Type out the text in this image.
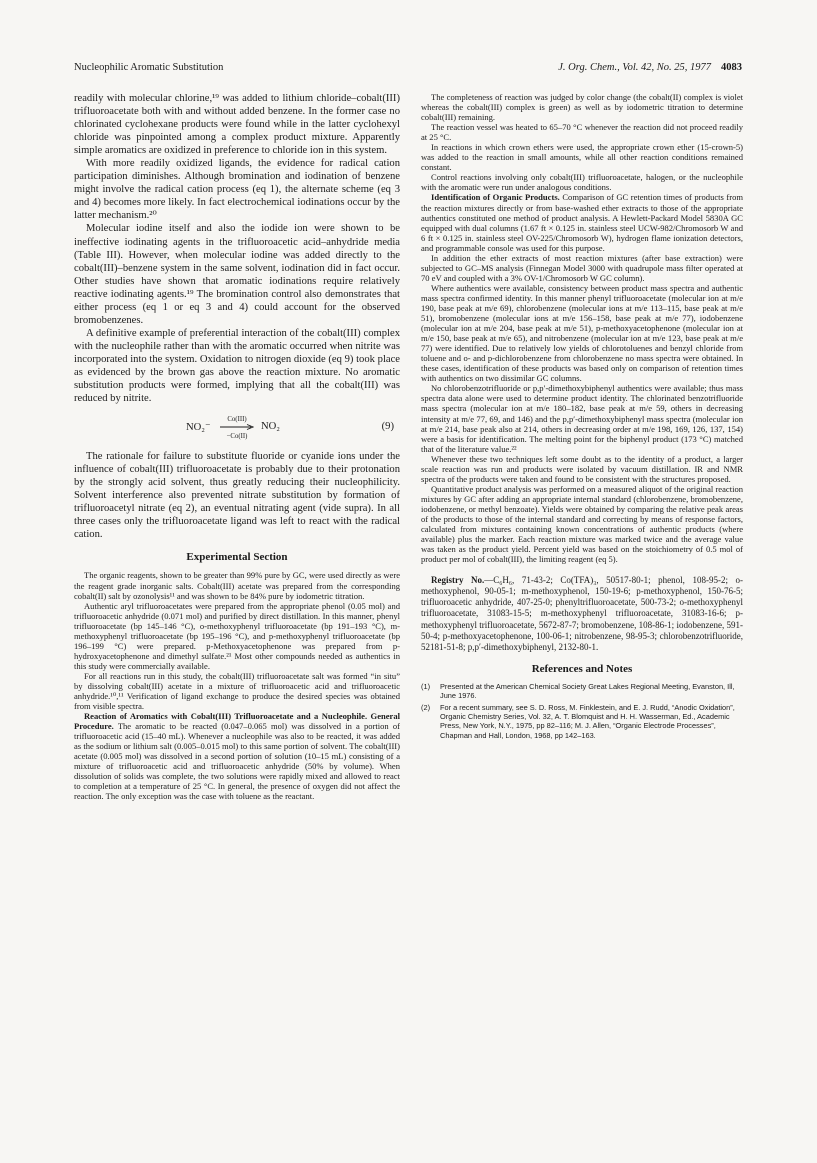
Nucleophilic Aromatic Substitution	J. Org. Chem., Vol. 42, No. 25, 1977 4083

readily with molecular chlorine,¹⁹ was added to lithium chloride–cobalt(III) trifluoroacetate both with and without added benzene. In the former case no chlorinated cyclohexane products were found while in the latter cyclohexyl chloride was pinpointed among a complex product mixture. Apparently simple aromatics are oxidized in preference to chloride ion in this system.

With more readily oxidized ligands, the evidence for radical cation participation diminishes. Although bromination and iodination of benzene might involve the radical cation process (eq 1), the alternate scheme (eq 3 and 4) becomes more likely. In fact electrochemical iodinations occur by the latter mechanism.²⁰

Molecular iodine itself and also the iodide ion were shown to be ineffective iodinating agents in the trifluoroacetic acid–anhydride media (Table III). However, when molecular iodine was added directly to the cobalt(III)–benzene system in the same solvent, iodination did in fact occur. Other studies have shown that aromatic iodinations require relatively reactive iodinating agents.¹⁹ The bromination control also demonstrates that either process (eq 1 or eq 3 and 4) could account for the observed bromobenzenes.

A definitive example of preferential interaction of the cobalt(III) complex with the nucleophile rather than with the aromatic occurred when nitrite was incorporated into the system. Oxidation to nitrogen dioxide (eq 9) took place as evidenced by the brown gas above the reaction mixture. No aromatic substitution products were formed, implying that all the cobalt(III) was reduced by nitrite.

NO₂⁻
Co(III)
−Co(II)
NO₂	(9)

The rationale for failure to substitute fluoride or cyanide ions under the influence of cobalt(III) trifluoroacetate is probably due to their protonation by the strongly acid solvent, thus greatly reducing their nucleophilicity. Solvent interference also prevented nitrate substitution by formation of trifluoroacetyl nitrate (eq 2), an eventual nitrating agent (vide supra). In all three cases only the trifluoroacetate ligand was left to react with the radical cation.

Experimental Section

The organic reagents, shown to be greater than 99% pure by GC, were used directly as were the reagent grade inorganic salts. Cobalt(III) acetate was prepared from the corresponding cobalt(II) salt by ozonolysis¹¹ and was shown to be 84% pure by iodometric titration.

Authentic aryl trifluoroacetates were prepared from the appropriate phenol (0.05 mol) and trifluoroacetic anhydride (0.071 mol) and purified by direct distillation. In this manner, phenyl trifluoroacetate (bp 145–146 °C), o-methoxyphenyl trifluoroacetate (bp 191–193 °C), m-methoxyphenyl trifluoroacetate (bp 195–196 °C), and p-methoxyphenyl trifluoroacetate (bp 196–199 °C) were prepared. p-Methoxyacetophenone was prepared from p-hydroxyacetophenone and dimethyl sulfate.²¹ Most other compounds needed as authentics in this study were commercially available.

For all reactions run in this study, the cobalt(III) trifluoroacetate salt was formed “in situ” by dissolving cobalt(III) acetate in a mixture of trifluoroacetic acid and trifluoroacetic anhydride.¹⁰,¹¹ Verification of ligand exchange to produce the desired species was obtained from visible spectra.

Reaction of Aromatics with Cobalt(III) Trifluoroacetate and a Nucleophile. General Procedure. The aromatic to be reacted (0.047–0.065 mol) was dissolved in a portion of trifluoroacetic acid (15–40 mL). Whenever a nucleophile was also to be reacted, it was added as the sodium or lithium salt (0.005–0.015 mol) to this same portion of solvent. The cobalt(III) acetate (0.005 mol) was dissolved in a second portion of solution (10–15 mL) consisting of a mixture of trifluoroacetic acid and trifluoroacetic anhydride (50% by volume). When dissolution of solids was complete, the two solutions were rapidly mixed and allowed to react to completion at a temperature of 25 °C. In general, the presence of oxygen did not affect the reaction. The only exception was the case with toluene as the reactant.

The completeness of reaction was judged by color change (the cobalt(II) complex is violet whereas the cobalt(III) complex is green) as well as by iodometric titration to determine cobalt(III) remaining.

The reaction vessel was heated to 65–70 °C whenever the reaction did not proceed readily at 25 °C.

In reactions in which crown ethers were used, the appropriate crown ether (15-crown-5) was added to the reaction in small amounts, while all other reaction conditions remained constant.

Control reactions involving only cobalt(III) trifluoroacetate, halogen, or the nucleophile with the aromatic were run under analogous conditions.

Identification of Organic Products. Comparison of GC retention times of products from the reaction mixtures directly or from base-washed ether extracts to those of the appropriate authentics constituted one method of product analysis. A Hewlett-Packard Model 5830A GC equipped with dual columns (1.67 ft × 0.125 in. stainless steel UCW-982/Chromosorb W and 6 ft × 0.125 in. stainless steel OV-225/Chromosorb W), hydrogen flame ionization detectors, and programmable console was used for this purpose.

In addition the ether extracts of most reaction mixtures (after base extraction) were subjected to GC–MS analysis (Finnegan Model 3000 with quadrupole mass filter operated at 70 eV and coupled with a 3% OV-1/Chromosorb W GC column).

Where authentics were available, consistency between product mass spectra and authentic mass spectra confirmed identity. In this manner phenyl trifluoroacetate (molecular ion at m/e 190, base peak at m/e 69), chlorobenzene (molecular ions at m/e 113–115, base peak at m/e 51), bromobenzene (molecular ions at m/e 156–158, base peak at m/e 77), iodobenzene (molecular ion at m/e 204, base peak at m/e 51), p-methoxyacetophenone (molecular ion at m/e 150, base peak at m/e 65), and nitrobenzene (molecular ion at m/e 123, base peak at m/e 77) were identified. Due to relatively low yields of chlorotoluenes and benzyl chloride from toluene and o- and p-dichlorobenzene from chlorobenzene no mass spectra were obtained. In these cases, identification of these products was based only on comparison of retention times with authentics on two dissimilar GC columns.

No chlorobenzotrifluoride or p,p′-dimethoxybiphenyl authentics were available; thus mass spectra data alone were used to determine product identity. The chlorinated benzotrifluoride mass spectra (molecular ion at m/e 180–182, base peak at m/e 59, others in decreasing intensity at m/e 77, 69, and 146) and the p,p′-dimethoxybiphenyl mass spectra (molecular ion at m/e 214, base peak also at 214, others in decreasing order at m/e 198, 169, 126, 137, 154) were a basis for identification. The melting point for the biphenyl product (173 °C) matched that of the literature value.²²

Whenever these two techniques left some doubt as to the identity of a product, a larger scale reaction was run and products were isolated by vacuum distillation. IR and NMR spectra of the products were taken and found to be consistent with the structures proposed.

Quantitative product analysis was performed on a measured aliquot of the original reaction mixtures by GC after adding an appropriate internal standard (chlorobenzene, bromobenzene, iodobenzene, or methyl benzoate). Yields were obtained by comparing the relative peak areas of the products to those of the internal standard and correcting by means of response factors, calculated from mixtures containing known concentrations of authentic products (where available) plus the marker. Each reaction mixture was marked twice and the average value was taken as the product yield. Percent yield was based on the stoichiometry of 0.5 mol of product per mol of cobalt(III), the limiting reagent (eq 5).

Registry No.—C₆H₆, 71-43-2; Co(TFA)₃, 50517-80-1; phenol, 108-95-2; o-methoxyphenol, 90-05-1; m-methoxyphenol, 150-19-6; p-methoxyphenol, 150-76-5; trifluoroacetic anhydride, 407-25-0; phenyltrifluoroacetate, 500-73-2; o-methoxyphenyl trifluoroacetate, 31083-15-5; m-methoxyphenyl trifluoroacetate, 31083-16-6; p-methoxyphenyl trifluoroacetate, 5672-87-7; bromobenzene, 108-86-1; iodobenzene, 591-50-4; p-methoxyacetophenone, 100-06-1; nitrobenzene, 98-95-3; chlorobenzotrifluoride, 52181-51-8; p,p′-dimethoxybiphenyl, 2132-80-1.

References and Notes
(1) Presented at the American Chemical Society Great Lakes Regional Meeting, Evanston, Ill, June 1976.
(2) For a recent summary, see S. D. Ross, M. Finklestein, and E. J. Rudd, “Anodic Oxidation”, Organic Chemistry Series, Vol. 32, A. T. Blomquist and H. H. Wasserman, Ed., Academic Press, New York, N.Y., 1975, pp 82–116; M. J. Allen, “Organic Electrode Processes”, Chapman and Hall, London, 1968, pp 142–163.
